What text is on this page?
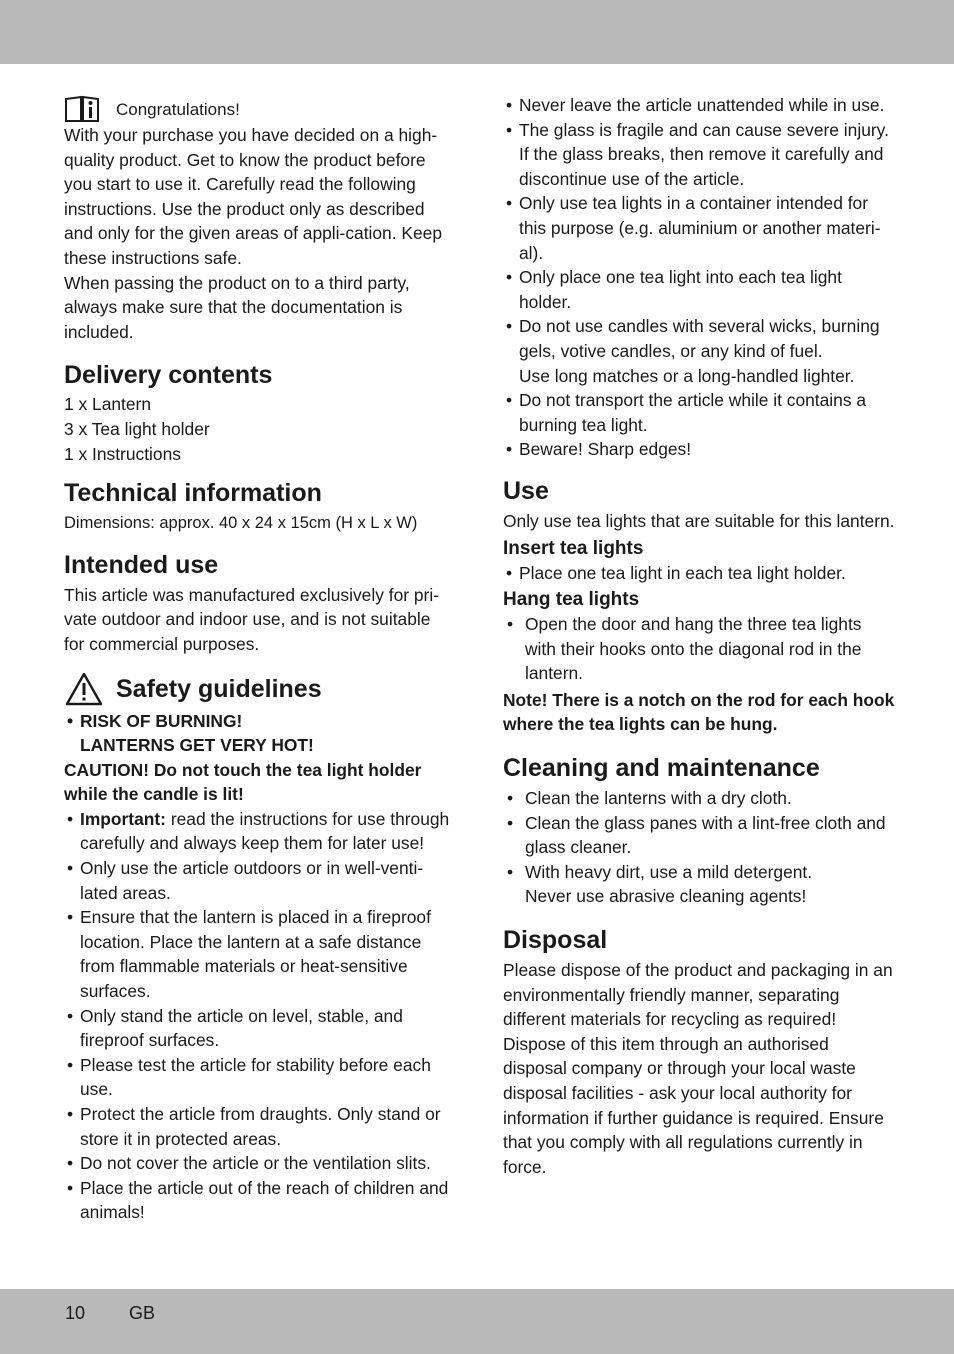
Congratulations!

With your purchase you have decided on a high-quality product. Get to know the product before you start to use it. Carefully read the following instructions. Use the product only as described and only for the given areas of appli-cation. Keep these instructions safe.

When passing the product on to a third party, always make sure that the documentation is included.

Delivery contents

1 x Lantern

3 x Tea light holder

1 x Instructions

Technical information

Dimensions: approx. 40 x 24 x 15cm (H x L x W)

Intended use

This article was manufactured exclusively for pri-vate outdoor and indoor use, and is not suitable for commercial purposes.

Safety guidelines
• RISK OF BURNING!
LANTERNS GET VERY HOT!

CAUTION! Do not touch the tea light holder while the candle is lit!

• Important: read the instructions for use through carefully and always keep them for later use!
• Only use the article outdoors or in well-venti-lated areas.
• Ensure that the lantern is placed in a fireproof location. Place the lantern at a safe distance from flammable materials or heat-sensitive surfaces.
• Only stand the article on level, stable, and fireproof surfaces.
• Please test the article for stability before each use.
• Protect the article from draughts. Only stand or store it in protected areas.
• Do not cover the article or the ventilation slits.
• Place the article out of the reach of children and animals!
• Never leave the article unattended while in use.
• The glass is fragile and can cause severe injury. If the glass breaks, then remove it carefully and discontinue use of the article.
• Only use tea lights in a container intended for this purpose (e.g. aluminium or another materi-al).
• Only place one tea light into each tea light holder.
• Do not use candles with several wicks, burning gels, votive candles, or any kind of fuel.
Use long matches or a long-handled lighter.
• Do not transport the article while it contains a burning tea light.
• Beware! Sharp edges!
Use

Only use tea lights that are suitable for this lantern.

Insert tea lights
• Place one tea light in each tea light holder.
Hang tea lights
• Open the door and hang the three tea lights with their hooks onto the diagonal rod in the lantern.

Note! There is a notch on the rod for each hook where the tea lights can be hung.

Cleaning and maintenance
• Clean the lanterns with a dry cloth.
• Clean the glass panes with a lint-free cloth and glass cleaner.
• With heavy dirt, use a mild detergent.
Never use abrasive cleaning agents!
Disposal

Please dispose of the product and packaging in an environmentally friendly manner, separating different materials for recycling as required! Dispose of this item through an authorised disposal company or through your local waste disposal facilities - ask your local authority for information if further guidance is required. Ensure that you comply with all regulations currently in force.

10 GB
